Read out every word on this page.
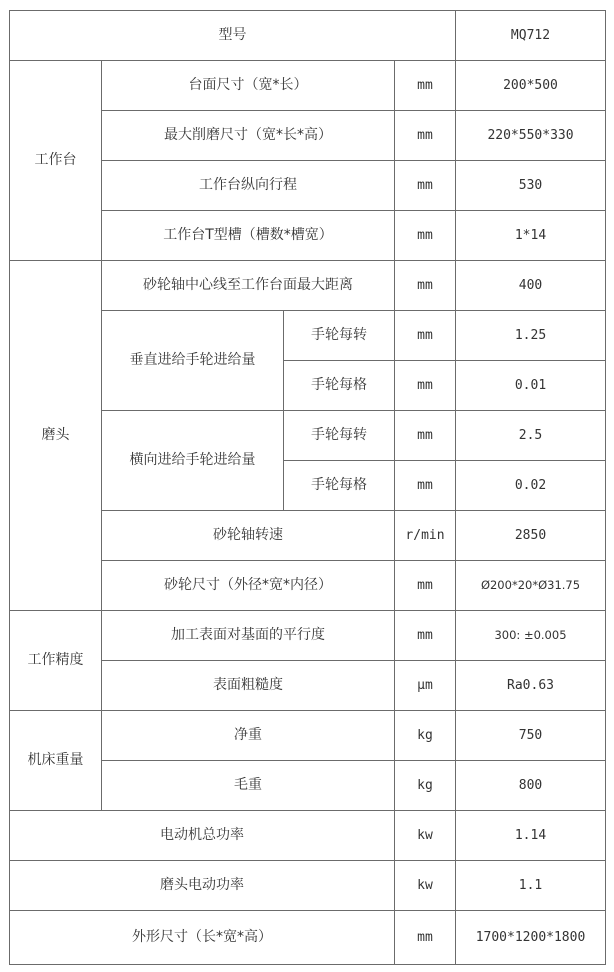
型号				MQ712
工作台	台面尺寸（宽*长）		mm	200*500
	最大削磨尺寸（宽*长*高）		mm	220*550*330
	工作台纵向行程		mm	530
	工作台T型槽（槽数*槽宽）		mm	1*14
磨头	砂轮轴中心线至工作台面最大距离		mm	400
	垂直进给手轮进给量	手轮每转	mm	1.25
		手轮每格	mm	0.01
	横向进给手轮进给量	手轮每转	mm	2.5
		手轮每格	mm	0.02
	砂轮轴转速		r/min	2850
	砂轮尺寸（外径*宽*内径）		mm	Ø200*20*Ø31.75
工作精度	加工表面对基面的平行度		mm	300: ±0.005
	表面粗糙度		μm	Ra0.63
机床重量	净重		kg	750
	毛重		kg	800
电动机总功率			kw	1.14
磨头电动功率			kw	1.1
外形尺寸（长*宽*高）			mm	1700*1200*1800
